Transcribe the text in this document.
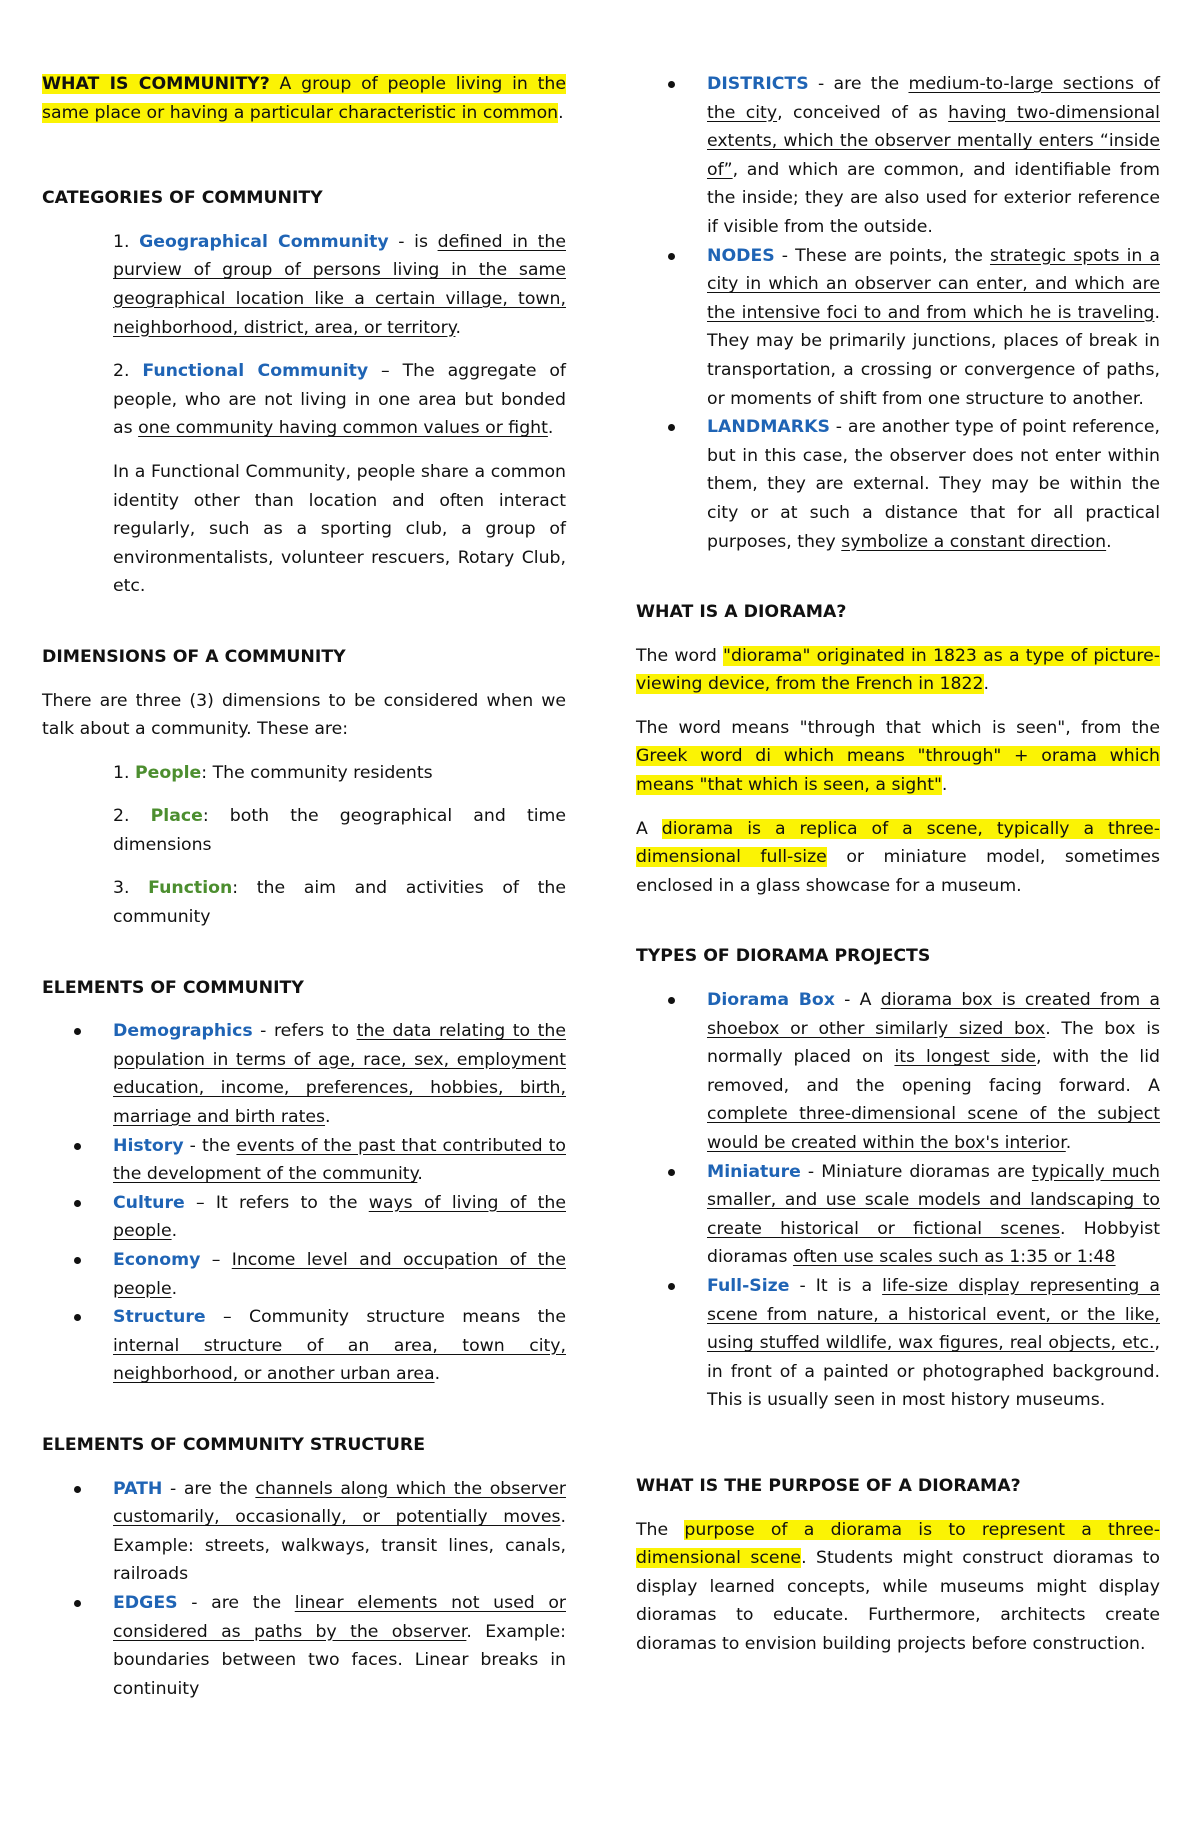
WHAT IS COMMUNITY? A group of people living in the same place or having a particular characteristic in common.

CATEGORIES OF COMMUNITY

1. Geographical Community - is defined in the purview of group of persons living in the same geographical location like a certain village, town, neighborhood, district, area, or territory.

2. Functional Community – The aggregate of people, who are not living in one area but bonded as one community having common values or fight.

In a Functional Community, people share a common identity other than location and often interact regularly, such as a sporting club, a group of environmentalists, volunteer rescuers, Rotary Club, etc.

DIMENSIONS OF A COMMUNITY

There are three (3) dimensions to be considered when we talk about a community. These are:

1. People: The community residents

2. Place: both the geographical and time dimensions

3. Function: the aim and activities of the community

ELEMENTS OF COMMUNITY

Demographics - refers to the data relating to the population in terms of age, race, sex, employment education, income, preferences, hobbies, birth, marriage and birth rates.
History - the events of the past that contributed to the development of the community.
Culture – It refers to the ways of living of the people.
Economy – Income level and occupation of the people.
Structure – Community structure means the internal structure of an area, town city, neighborhood, or another urban area.

ELEMENTS OF COMMUNITY STRUCTURE

PATH - are the channels along which the observer customarily, occasionally, or potentially moves. Example: streets, walkways, transit lines, canals, railroads
EDGES - are the linear elements not used or considered as paths by the observer. Example: boundaries between two faces. Linear breaks in continuity
DISTRICTS - are the medium-to-large sections of the city, conceived of as having two-dimensional extents, which the observer mentally enters “inside of”, and which are common, and identifiable from the inside; they are also used for exterior reference if visible from the outside.
NODES - These are points, the strategic spots in a city in which an observer can enter, and which are the intensive foci to and from which he is traveling. They may be primarily junctions, places of break in transportation, a crossing or convergence of paths, or moments of shift from one structure to another.
LANDMARKS - are another type of point reference, but in this case, the observer does not enter within them, they are external. They may be within the city or at such a distance that for all practical purposes, they symbolize a constant direction.

WHAT IS A DIORAMA?

The word "diorama" originated in 1823 as a type of picture-viewing device, from the French in 1822.

The word means "through that which is seen", from the Greek word di which means "through" + orama which means "that which is seen, a sight".

A diorama is a replica of a scene, typically a three-dimensional full-size or miniature model, sometimes enclosed in a glass showcase for a museum.

TYPES OF DIORAMA PROJECTS

Diorama Box - A diorama box is created from a shoebox or other similarly sized box. The box is normally placed on its longest side, with the lid removed, and the opening facing forward. A complete three-dimensional scene of the subject would be created within the box's interior.
Miniature - Miniature dioramas are typically much smaller, and use scale models and landscaping to create historical or fictional scenes. Hobbyist dioramas often use scales such as 1:35 or 1:48
Full-Size - It is a life-size display representing a scene from nature, a historical event, or the like, using stuffed wildlife, wax figures, real objects, etc., in front of a painted or photographed background. This is usually seen in most history museums.

WHAT IS THE PURPOSE OF A DIORAMA?

The purpose of a diorama is to represent a three-dimensional scene. Students might construct dioramas to display learned concepts, while museums might display dioramas to educate. Furthermore, architects create dioramas to envision building projects before construction.
